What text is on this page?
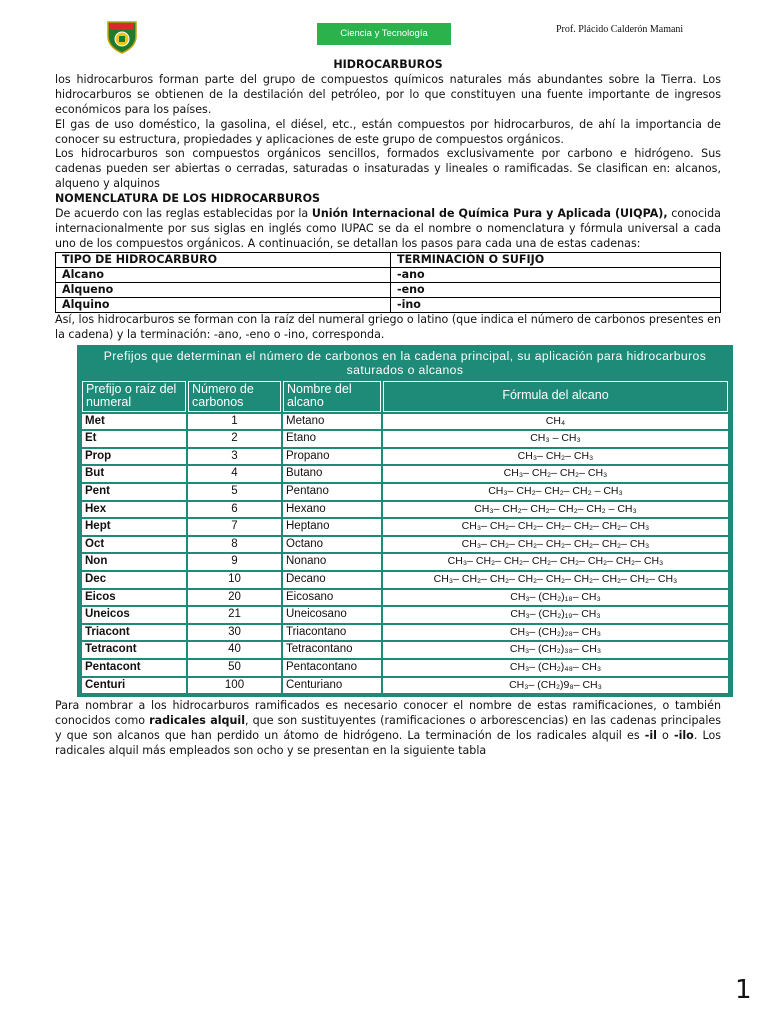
Ciencia y Tecnología	Prof. Plácido Calderón Mamani

HIDROCARBUROS

los hidrocarburos forman parte del grupo de compuestos químicos naturales más abundantes sobre la Tierra. Los hidrocarburos se obtienen de la destilación del petróleo, por lo que constituyen una fuente importante de ingresos económicos para los países.

El gas de uso doméstico, la gasolina, el diésel, etc., están compuestos por hidrocarburos, de ahí la importancia de conocer su estructura, propiedades y aplicaciones de este grupo de compuestos orgánicos.

Los hidrocarburos son compuestos orgánicos sencillos, formados exclusivamente por carbono e hidrógeno. Sus cadenas pueden ser abiertas o cerradas, saturadas o insaturadas y lineales o ramificadas. Se clasifican en: alcanos, alqueno y alquinos

NOMENCLATURA DE LOS HIDROCARBUROS

De acuerdo con las reglas establecidas por la Unión Internacional de Química Pura y Aplicada (UIQPA), conocida internacionalmente por sus siglas en inglés como IUPAC se da el nombre o nomenclatura y fórmula universal a cada uno de los compuestos orgánicos. A continuación, se detallan los pasos para cada una de estas cadenas:

TIPO DE HIDROCARBURO	TERMINACIÓN O SUFIJO
Alcano	-ano
Alqueno	-eno
Alquino	-ino

Así, los hidrocarburos se forman con la raíz del numeral griego o latino (que indica el número de carbonos presentes en la cadena) y la terminación: -ano, -eno o -ino, corresponda.

Prefijos que determinan el número de carbonos en la cadena principal, su aplicación para hidrocarburos saturados o alcanos
Prefijo o raíz del numeral	Número de carbonos	Nombre del alcano	Fórmula del alcano
Met	1	Metano	CH₄
Et	2	Etano	CH₃ – CH₃
Prop	3	Propano	CH₃– CH₂– CH₃
But	4	Butano	CH₃– CH₂– CH₂– CH₃
Pent	5	Pentano	CH₃– CH₂– CH₂– CH₂ – CH₃
Hex	6	Hexano	CH₃– CH₂– CH₂– CH₂– CH₂ – CH₃
Hept	7	Heptano	CH₃– CH₂– CH₂– CH₂– CH₂– CH₂– CH₃
Oct	8	Octano	CH₃– CH₂– CH₂– CH₂– CH₂– CH₂– CH₃
Non	9	Nonano	CH₃– CH₂– CH₂– CH₂– CH₂– CH₂– CH₂– CH₃
Dec	10	Decano	CH₃– CH₂– CH₂– CH₂– CH₂– CH₂– CH₂– CH₂– CH₃
Eicos	20	Eicosano	CH₃– (CH₂)₁₈– CH₃
Uneicos	21	Uneicosano	CH₃– (CH₂)₁₉– CH₃
Triacont	30	Triacontano	CH₃– (CH₂)₂₈– CH₃
Tetracont	40	Tetracontano	CH₃– (CH₂)₃₈– CH₃
Pentacont	50	Pentacontano	CH₃– (CH₂)₄₈– CH₃
Centuri	100	Centuriano	CH₃– (CH₂)9₈– CH₃

Para nombrar a los hidrocarburos ramificados es necesario conocer el nombre de estas ramificaciones, o también conocidos como radicales alquil, que son sustituyentes (ramificaciones o arborescencias) en las cadenas principales y que son alcanos que han perdido un átomo de hidrógeno. La terminación de los radicales alquil es -il o -ilo. Los radicales alquil más empleados son ocho y se presentan en la siguiente tabla

1
